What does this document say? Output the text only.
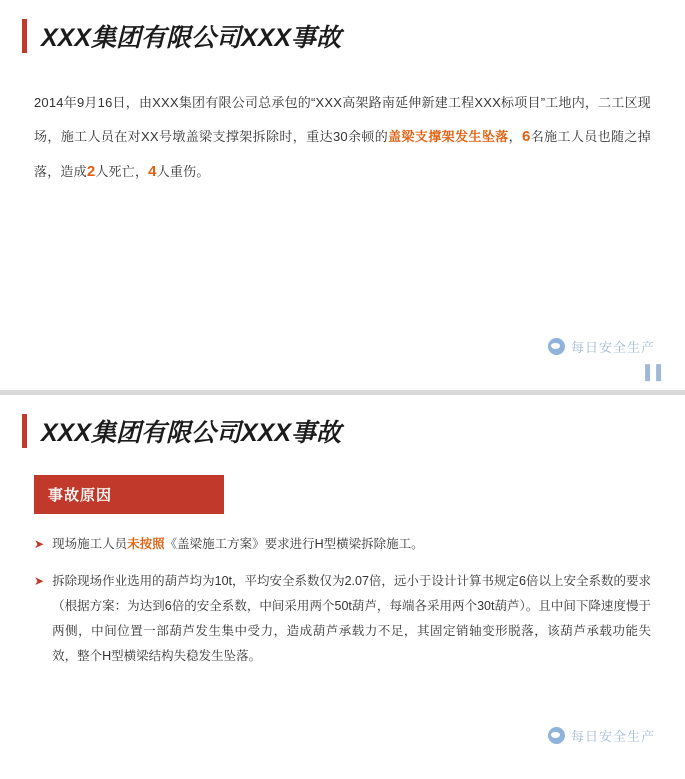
XXX集团有限公司XXX事故
2014年9月16日，由XXX集团有限公司总承包的“XXX高架路南延伸新建工程XXX标项目”工地内，二工区现场，施工人员在对XX号墩盖梁支撑架拆除时，重达30余顿的盖梁支撑架发生坠落，6名施工人员也随之掉落，造成2人死亡，4人重伤。
每日安全生产
▌▌
XXX集团有限公司XXX事故
事故原因
➤ 现场施工人员未按照《盖梁施工方案》要求进行H型横梁拆除施工。
➤ 拆除现场作业选用的葫芦均为10t，平均安全系数仅为2.07倍，远小于设计计算书规定6倍以上安全系数的要求（根据方案：为达到6倍的安全系数，中间采用两个50t葫芦，每端各采用两个30t葫芦）。且中间下降速度慢于两侧，中间位置一部葫芦发生集中受力，造成葫芦承载力不足，其固定销轴变形脱落，该葫芦承载功能失效，整个H型横梁结构失稳发生坠落。
每日安全生产
